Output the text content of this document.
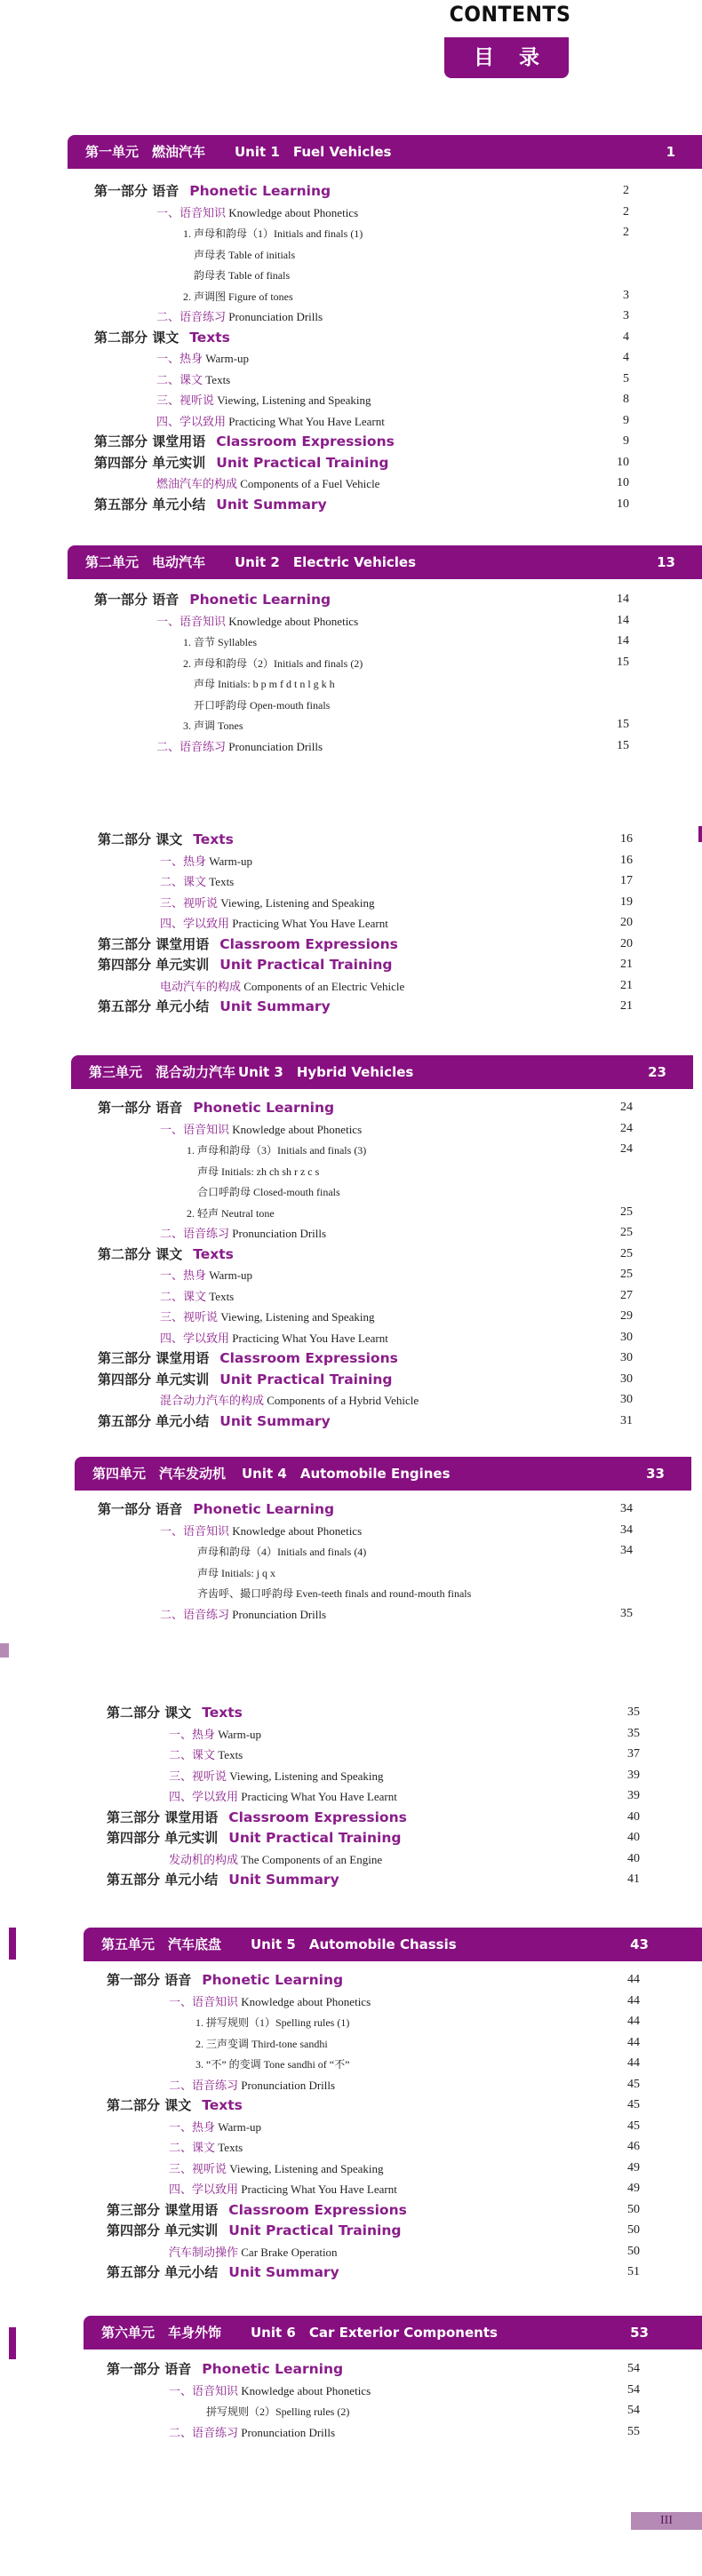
CONTENTS
目 录
第一单元　燃油汽车 Unit 1　Fuel Vehicles	1
第一部分 语音 Phonetic Learning	2
一、语音知识 Knowledge about Phonetics	2
1. 声母和韵母（1）Initials and finals (1)	2
声母表 Table of initials
韵母表 Table of finals
2. 声调图 Figure of tones	3
二、语音练习 Pronunciation Drills	3
第二部分 课文 Texts	4
一、热身 Warm-up	4
二、课文 Texts	5
三、视听说 Viewing, Listening and Speaking	8
四、学以致用 Practicing What You Have Learnt	9
第三部分 课堂用语 Classroom Expressions	9
第四部分 单元实训 Unit Practical Training	10
燃油汽车的构成 Components of a Fuel Vehicle	10
第五部分 单元小结 Unit Summary	10
第二单元　电动汽车 Unit 2　Electric Vehicles	13
第一部分 语音 Phonetic Learning	14
一、语音知识 Knowledge about Phonetics	14
1. 音节 Syllables	14
2. 声母和韵母（2）Initials and finals (2)	15
声母 Initials: b p m f d t n l g k h
开口呼韵母 Open-mouth finals
3. 声调 Tones	15
二、语音练习 Pronunciation Drills	15
第二部分 课文 Texts	16
一、热身 Warm-up	16
二、课文 Texts	17
三、视听说 Viewing, Listening and Speaking	19
四、学以致用 Practicing What You Have Learnt	20
第三部分 课堂用语 Classroom Expressions	20
第四部分 单元实训 Unit Practical Training	21
电动汽车的构成 Components of an Electric Vehicle	21
第五部分 单元小结 Unit Summary	21
第三单元　混合动力汽车 Unit 3　Hybrid Vehicles	23
第一部分 语音 Phonetic Learning	24
一、语音知识 Knowledge about Phonetics	24
1. 声母和韵母（3）Initials and finals (3)	24
声母 Initials: zh ch sh r z c s
合口呼韵母 Closed-mouth finals
2. 轻声 Neutral tone	25
二、语音练习 Pronunciation Drills	25
第二部分 课文 Texts	25
一、热身 Warm-up	25
二、课文 Texts	27
三、视听说 Viewing, Listening and Speaking	29
四、学以致用 Practicing What You Have Learnt	30
第三部分 课堂用语 Classroom Expressions	30
第四部分 单元实训 Unit Practical Training	30
混合动力汽车的构成 Components of a Hybrid Vehicle	30
第五部分 单元小结 Unit Summary	31
第四单元　汽车发动机 Unit 4　Automobile Engines	33
第一部分 语音 Phonetic Learning	34
一、语音知识 Knowledge about Phonetics	34
声母和韵母（4）Initials and finals (4)	34
声母 Initials: j q x
齐齿呼、撮口呼韵母 Even-teeth finals and round-mouth finals
二、语音练习 Pronunciation Drills	35
第二部分 课文 Texts	35
一、热身 Warm-up	35
二、课文 Texts	37
三、视听说 Viewing, Listening and Speaking	39
四、学以致用 Practicing What You Have Learnt	39
第三部分 课堂用语 Classroom Expressions	40
第四部分 单元实训 Unit Practical Training	40
发动机的构成 The Components of an Engine	40
第五部分 单元小结 Unit Summary	41
第五单元　汽车底盘 Unit 5　Automobile Chassis	43
第一部分 语音 Phonetic Learning	44
一、语音知识 Knowledge about Phonetics	44
1. 拼写规则（1）Spelling rules (1)	44
2. 三声变调 Third-tone sandhi	44
3. “不” 的变调 Tone sandhi of “不”	44
二、语音练习 Pronunciation Drills	45
第二部分 课文 Texts	45
一、热身 Warm-up	45
二、课文 Texts	46
三、视听说 Viewing, Listening and Speaking	49
四、学以致用 Practicing What You Have Learnt	49
第三部分 课堂用语 Classroom Expressions	50
第四部分 单元实训 Unit Practical Training	50
汽车制动操作 Car Brake Operation	50
第五部分 单元小结 Unit Summary	51
第六单元　车身外饰 Unit 6　Car Exterior Components	53
第一部分 语音 Phonetic Learning	54
一、语音知识 Knowledge about Phonetics	54
拼写规则（2）Spelling rules (2)	54
二、语音练习 Pronunciation Drills	55
III
